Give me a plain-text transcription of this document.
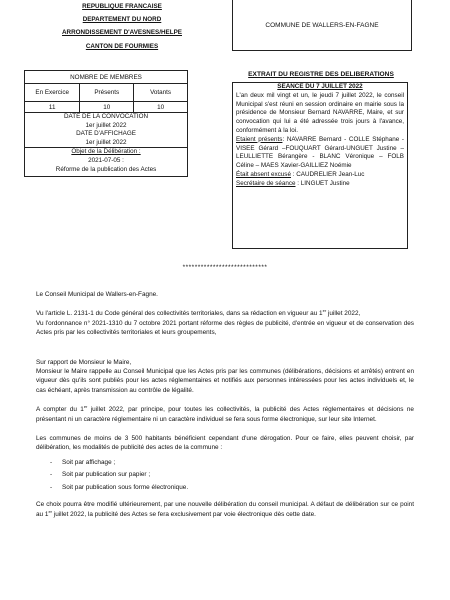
REPUBLIQUE FRANCAISE
DEPARTEMENT DU NORD
ARRONDISSEMENT D'AVESNES/HELPE
CANTON DE FOURMIES
COMMUNE DE WALLERS-EN-FAGNE
NOMBRE DE MEMBRES		
En Exercice	Présents	Votants
11	10	10

DATE DE LA CONVOCATION
1er juillet 2022
DATE D'AFFICHAGE
1er juillet 2022		

Objet de la Délibération :
2021-07-05 :
Réforme de la publication des Actes		
EXTRAIT DU REGISTRE DES DELIBERATIONS
SEANCE DU 7 JUILLET 2022
L'an deux mil vingt et un, le jeudi 7 juillet 2022, le conseil Municipal s'est réuni en session ordinaire en mairie sous la présidence de Monsieur Bernard NAVARRE, Maire, et sur convocation qui lui a été adressée trois jours à l'avance, conformément à la loi.
Etaient présents: NAVARRE Bernard - COLLE Stéphane - VISEE Gérard –FOUQUART Gérard-UNGUET Justine – LEULLIETTE Bérangère - BLANC Véronique – FOLB Céline – MAES Xavier-GAILLIEZ Noémie
Était absent excusé : CAUDRELIER Jean-Luc
Secrétaire de séance : LINGUET Justine
****************************

Le Conseil Municipal de Wallers-en-Fagne.

Vu l'article L. 2131-1 du Code général des collectivités territoriales, dans sa rédaction en vigueur au 1er juillet 2022,

Vu l'ordonnance n° 2021-1310 du 7 octobre 2021 portant réforme des règles de publicité, d'entrée en vigueur et de conservation des Actes pris par les collectivités territoriales et leurs groupements,

Sur rapport de Monsieur le Maire,

Monsieur le Maire rappelle au Conseil Municipal que les Actes pris par les communes (délibérations, décisions et arrêtés) entrent en vigueur dès qu'ils sont publiés pour les actes réglementaires et notifiés aux personnes intéressées pour les actes individuels et, le cas échéant, après transmission au contrôle de légalité.

A compter du 1er juillet 2022, par principe, pour toutes les collectivités, la publicité des Actes réglementaires et décisions ne présentant ni un caractère réglementaire ni un caractère individuel se fera sous forme électronique, sur leur site Internet.

Les communes de moins de 3 500 habitants bénéficient cependant d'une dérogation. Pour ce faire, elles peuvent choisir, par délibération, les modalités de publicité des actes de la commune :

- Soit par affichage ;
- Soit par publication sur papier ;
- Soit par publication sous forme électronique.

Ce choix pourra être modifié ultérieurement, par une nouvelle délibération du conseil municipal. A défaut de délibération sur ce point au 1er juillet 2022, la publicité des Actes se fera exclusivement par voie électronique dès cette date.
